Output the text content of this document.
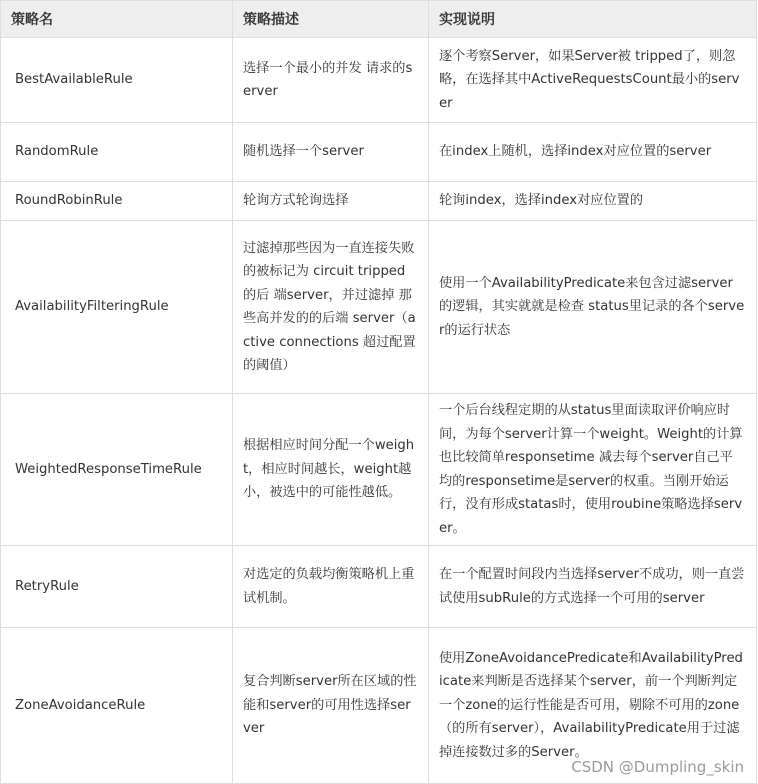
策略名	策略描述	实现说明
BestAvailableRule	选择一个最小的并发 请求的server	逐个考察Server，如果Server被 tripped了，则忽略，在选择其中ActiveRequestsCount最小的server
RandomRule	随机选择一个server	在index上随机，选择index对应位置的server
RoundRobinRule	轮询方式轮询选择	轮询index，选择index对应位置的
AvailabilityFilteringRule	过滤掉那些因为一直连接失败的被标记为 circuit tripped的后 端server，并过滤掉 那些高并发的的后端 server（active connections 超过配置的阈值）	使用一个AvailabilityPredicate来包含过滤server的逻辑，其实就就是检查 status里记录的各个server的运行状态
WeightedResponseTimeRule	根据相应时间分配一个weight，相应时间越长，weight越小，被选中的可能性越低。	一个后台线程定期的从status里面读取评价响应时间，为每个server计算一个weight。Weight的计算也比较简单responsetime 减去每个server自己平均的responsetime是server的权重。当刚开始运行，没有形成statas时，使用roubine策略选择server。
RetryRule	对选定的负载均衡策略机上重试机制。	在一个配置时间段内当选择server不成功，则一直尝试使用subRule的方式选择一个可用的server
ZoneAvoidanceRule	复合判断server所在区域的性能和server的可用性选择server	使用ZoneAvoidancePredicate和AvailabilityPredicate来判断是否选择某个server，前一个判断判定一个zone的运行性能是否可用，剔除不可用的zone（的所有server），AvailabilityPredicate用于过滤掉连接数过多的Server。
CSDN @Dumpling_skin
